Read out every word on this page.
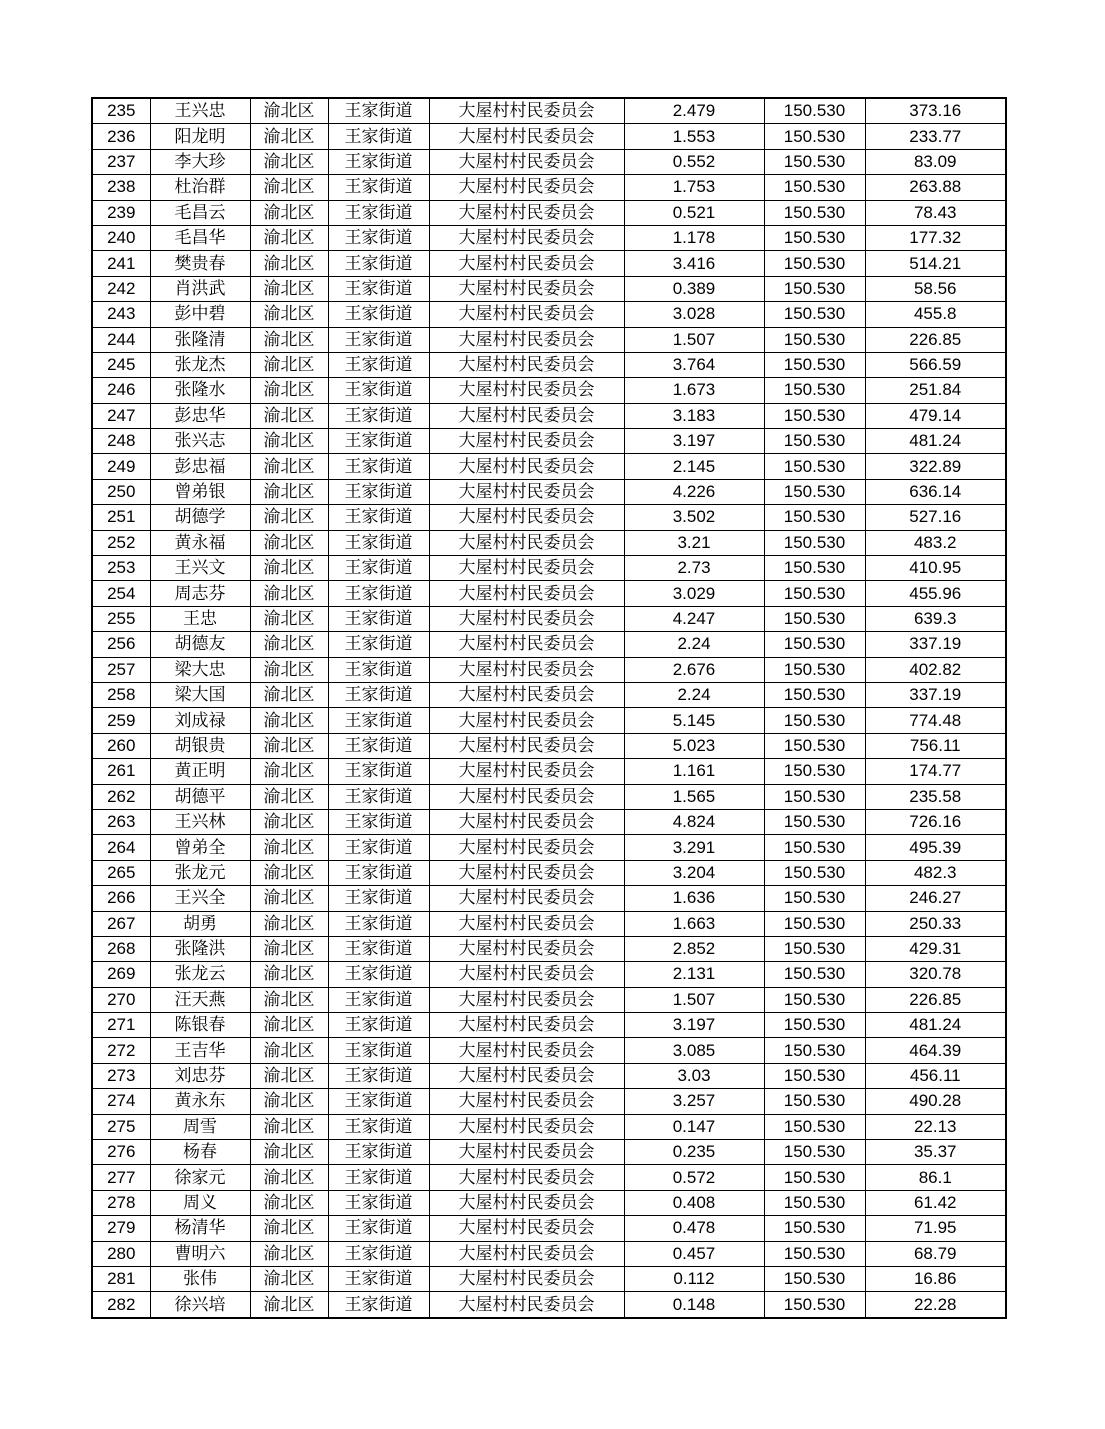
235	王兴忠	渝北区	王家街道	大屋村村民委员会	2.479	150.530	373.16
236	阳龙明	渝北区	王家街道	大屋村村民委员会	1.553	150.530	233.77
237	李大珍	渝北区	王家街道	大屋村村民委员会	0.552	150.530	83.09
238	杜治群	渝北区	王家街道	大屋村村民委员会	1.753	150.530	263.88
239	毛昌云	渝北区	王家街道	大屋村村民委员会	0.521	150.530	78.43
240	毛昌华	渝北区	王家街道	大屋村村民委员会	1.178	150.530	177.32
241	樊贵春	渝北区	王家街道	大屋村村民委员会	3.416	150.530	514.21
242	肖洪武	渝北区	王家街道	大屋村村民委员会	0.389	150.530	58.56
243	彭中碧	渝北区	王家街道	大屋村村民委员会	3.028	150.530	455.8
244	张隆清	渝北区	王家街道	大屋村村民委员会	1.507	150.530	226.85
245	张龙杰	渝北区	王家街道	大屋村村民委员会	3.764	150.530	566.59
246	张隆水	渝北区	王家街道	大屋村村民委员会	1.673	150.530	251.84
247	彭忠华	渝北区	王家街道	大屋村村民委员会	3.183	150.530	479.14
248	张兴志	渝北区	王家街道	大屋村村民委员会	3.197	150.530	481.24
249	彭忠福	渝北区	王家街道	大屋村村民委员会	2.145	150.530	322.89
250	曾弟银	渝北区	王家街道	大屋村村民委员会	4.226	150.530	636.14
251	胡德学	渝北区	王家街道	大屋村村民委员会	3.502	150.530	527.16
252	黄永福	渝北区	王家街道	大屋村村民委员会	3.21	150.530	483.2
253	王兴文	渝北区	王家街道	大屋村村民委员会	2.73	150.530	410.95
254	周志芬	渝北区	王家街道	大屋村村民委员会	3.029	150.530	455.96
255	王忠	渝北区	王家街道	大屋村村民委员会	4.247	150.530	639.3
256	胡德友	渝北区	王家街道	大屋村村民委员会	2.24	150.530	337.19
257	梁大忠	渝北区	王家街道	大屋村村民委员会	2.676	150.530	402.82
258	梁大国	渝北区	王家街道	大屋村村民委员会	2.24	150.530	337.19
259	刘成禄	渝北区	王家街道	大屋村村民委员会	5.145	150.530	774.48
260	胡银贵	渝北区	王家街道	大屋村村民委员会	5.023	150.530	756.11
261	黄正明	渝北区	王家街道	大屋村村民委员会	1.161	150.530	174.77
262	胡德平	渝北区	王家街道	大屋村村民委员会	1.565	150.530	235.58
263	王兴林	渝北区	王家街道	大屋村村民委员会	4.824	150.530	726.16
264	曾弟全	渝北区	王家街道	大屋村村民委员会	3.291	150.530	495.39
265	张龙元	渝北区	王家街道	大屋村村民委员会	3.204	150.530	482.3
266	王兴全	渝北区	王家街道	大屋村村民委员会	1.636	150.530	246.27
267	胡勇	渝北区	王家街道	大屋村村民委员会	1.663	150.530	250.33
268	张隆洪	渝北区	王家街道	大屋村村民委员会	2.852	150.530	429.31
269	张龙云	渝北区	王家街道	大屋村村民委员会	2.131	150.530	320.78
270	汪天燕	渝北区	王家街道	大屋村村民委员会	1.507	150.530	226.85
271	陈银春	渝北区	王家街道	大屋村村民委员会	3.197	150.530	481.24
272	王吉华	渝北区	王家街道	大屋村村民委员会	3.085	150.530	464.39
273	刘忠芬	渝北区	王家街道	大屋村村民委员会	3.03	150.530	456.11
274	黄永东	渝北区	王家街道	大屋村村民委员会	3.257	150.530	490.28
275	周雪	渝北区	王家街道	大屋村村民委员会	0.147	150.530	22.13
276	杨春	渝北区	王家街道	大屋村村民委员会	0.235	150.530	35.37
277	徐家元	渝北区	王家街道	大屋村村民委员会	0.572	150.530	86.1
278	周义	渝北区	王家街道	大屋村村民委员会	0.408	150.530	61.42
279	杨清华	渝北区	王家街道	大屋村村民委员会	0.478	150.530	71.95
280	曹明六	渝北区	王家街道	大屋村村民委员会	0.457	150.530	68.79
281	张伟	渝北区	王家街道	大屋村村民委员会	0.112	150.530	16.86
282	徐兴培	渝北区	王家街道	大屋村村民委员会	0.148	150.530	22.28
